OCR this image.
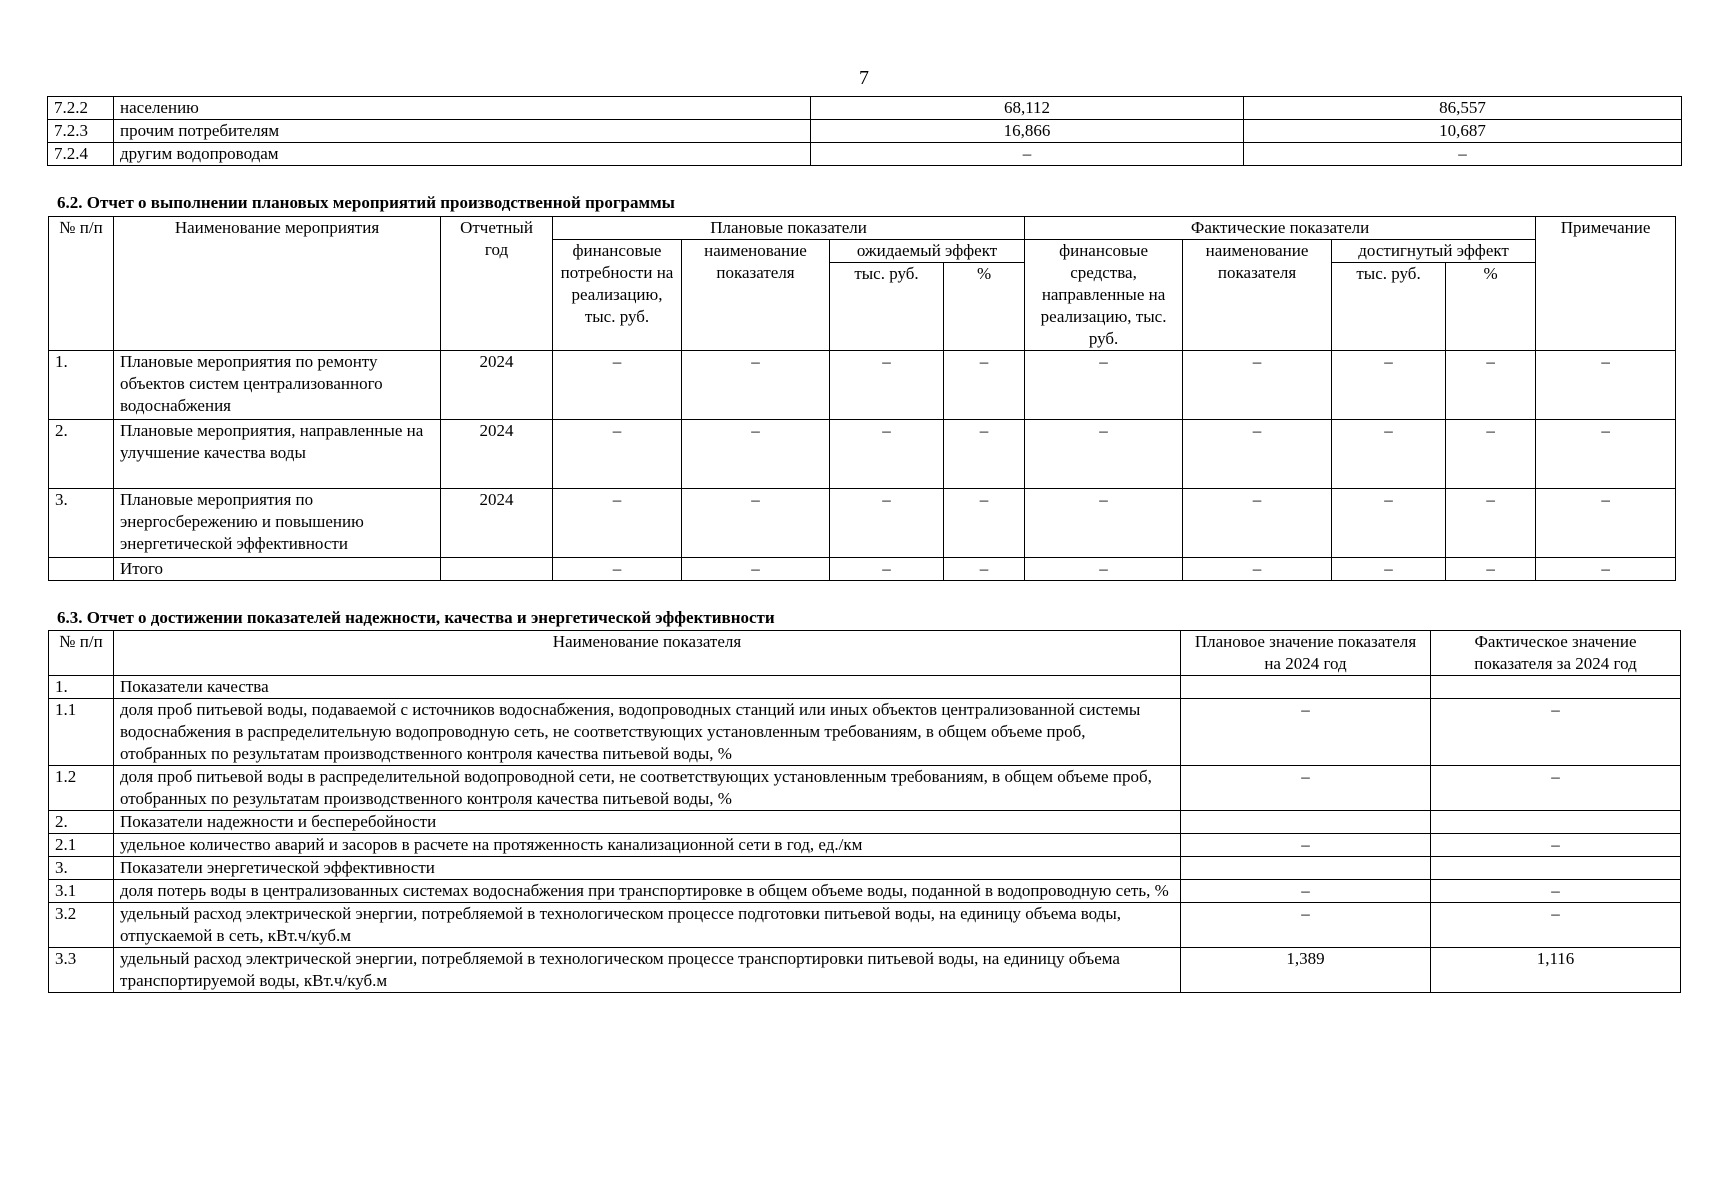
7
7.2.2	населению	68,112	86,557
7.2.3	прочим потребителям	16,866	10,687
7.2.4	другим водопроводам	–	–
6.2. Отчет о выполнении плановых мероприятий производственной программы
№ п/п	Наименование мероприятия	Отчетный год	Плановые показатели				Фактические показатели				Примечание
			финансовые потребности на реализацию, тыс. руб.	наименование показателя	ожидаемый эффект		финансовые средства, направленные на реализацию, тыс. руб.	наименование показателя	достигнутый эффект		
					тыс. руб.	%			тыс. руб.	%	
1.	Плановые мероприятия по ремонту объектов систем централизованного водоснабжения	2024	–	–	–	–	–	–	–	–	–
2.	Плановые мероприятия, направленные на улучшение качества воды	2024	–	–	–	–	–	–	–	–	–
3.	Плановые мероприятия по энергосбережению и повышению энергетической эффективности	2024	–	–	–	–	–	–	–	–	–
	Итого		–	–	–	–	–	–	–	–	–
6.3. Отчет о достижении показателей надежности, качества и энергетической эффективности
№ п/п	Наименование показателя	Плановое значение показателя на 2024 год	Фактическое значение показателя за 2024 год
1.	Показатели качества		
1.1	доля проб питьевой воды, подаваемой с источников водоснабжения, водопроводных станций или иных объектов централизованной системы водоснабжения в распределительную водопроводную сеть, не соответствующих установленным требованиям, в общем объеме проб, отобранных по результатам производственного контроля качества питьевой воды, %	–	–
1.2	доля проб питьевой воды в распределительной водопроводной сети, не соответствующих установленным требованиям, в общем объеме проб, отобранных по результатам производственного контроля качества питьевой воды, %	–	–
2.	Показатели надежности и бесперебойности		
2.1	удельное количество аварий и засоров в расчете на протяженность канализационной сети в год, ед./км	–	–
3.	Показатели энергетической эффективности		
3.1	доля потерь воды в централизованных системах водоснабжения при транспортировке в общем объеме воды, поданной в водопроводную сеть, %	–	–
3.2	удельный расход электрической энергии, потребляемой в технологическом процессе подготовки питьевой воды, на единицу объема воды, отпускаемой в сеть, кВт.ч/куб.м	–	–
3.3	удельный расход электрической энергии, потребляемой в технологическом процессе транспортировки питьевой воды, на единицу объема транспортируемой воды, кВт.ч/куб.м	1,389	1,116
